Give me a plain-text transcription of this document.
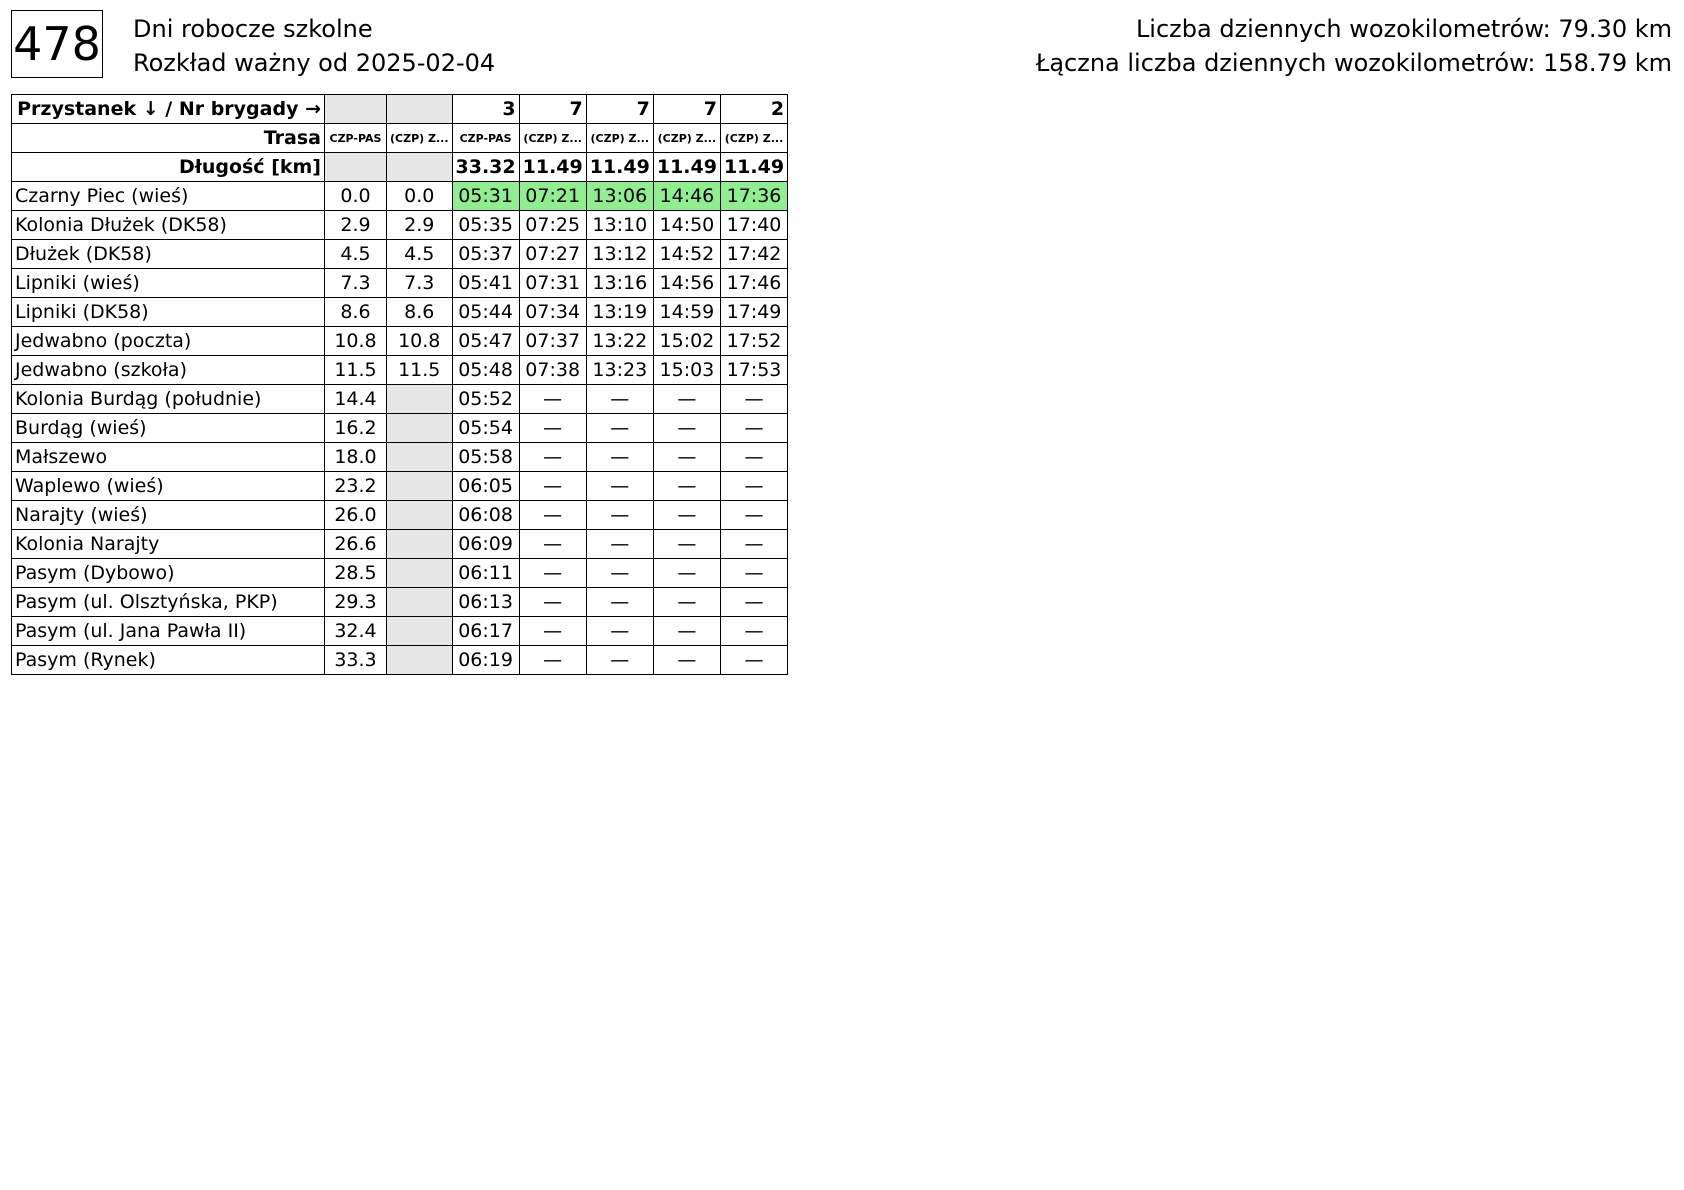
478 Dni robocze szkolne
Rozkład ważny od 2025-02-04
Liczba dziennych wozokilometrów: 79.30 km
Łączna liczba dziennych wozokilometrów: 158.79 km
Przystanek ↓ / Nr brygady →			3	7	7	7	2
Trasa	CZP-PAS	(CZP) Z...	CZP-PAS	(CZP) Z...	(CZP) Z...	(CZP) Z...	(CZP) Z...
Długość [km]			33.32	11.49	11.49	11.49	11.49
Czarny Piec (wieś)	0.0	0.0	05:31	07:21	13:06	14:46	17:36
Kolonia Dłużek (DK58)	2.9	2.9	05:35	07:25	13:10	14:50	17:40
Dłużek (DK58)	4.5	4.5	05:37	07:27	13:12	14:52	17:42
Lipniki (wieś)	7.3	7.3	05:41	07:31	13:16	14:56	17:46
Lipniki (DK58)	8.6	8.6	05:44	07:34	13:19	14:59	17:49
Jedwabno (poczta)	10.8	10.8	05:47	07:37	13:22	15:02	17:52
Jedwabno (szkoła)	11.5	11.5	05:48	07:38	13:23	15:03	17:53
Kolonia Burdąg (południe)	14.4		05:52	—	—	—	—
Burdąg (wieś)	16.2		05:54	—	—	—	—
Małszewo	18.0		05:58	—	—	—	—
Waplewo (wieś)	23.2		06:05	—	—	—	—
Narajty (wieś)	26.0		06:08	—	—	—	—
Kolonia Narajty	26.6		06:09	—	—	—	—
Pasym (Dybowo)	28.5		06:11	—	—	—	—
Pasym (ul. Olsztyńska, PKP)	29.3		06:13	—	—	—	—
Pasym (ul. Jana Pawła II)	32.4		06:17	—	—	—	—
Pasym (Rynek)	33.3		06:19	—	—	—	—
